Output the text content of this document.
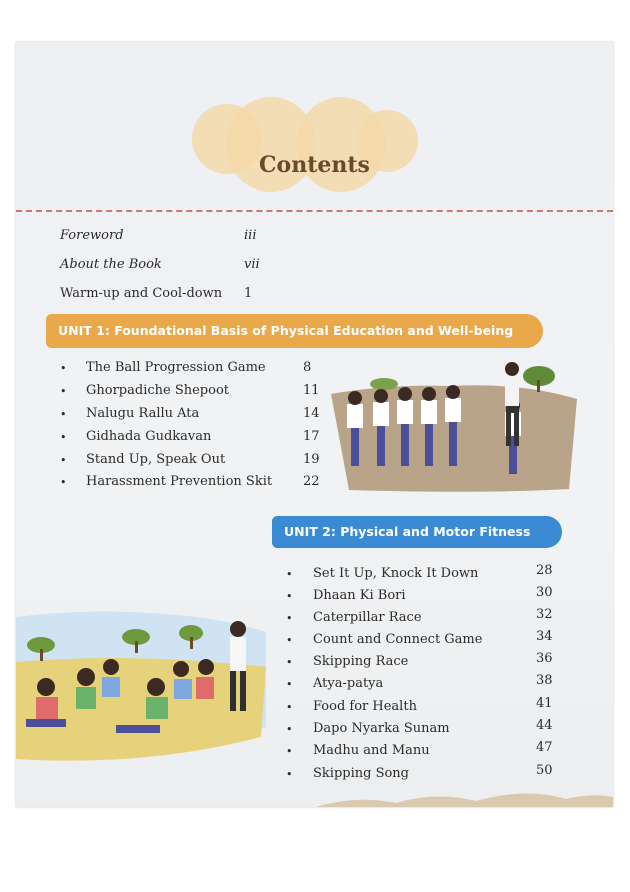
Contents
Foreword	iii
About the Book	vii
Warm-up and Cool-down 1
UNIT 1: Foundational Basis of Physical Education and Well-being
• The Ball Progression Game	8
• Ghorpadiche Shepoot	11
• Nalugu Rallu Ata	14
• Gidhada Gudkavan	17
• Stand Up, Speak Out	19
• Harassment Prevention Skit 22
UNIT 2: Physical and Motor Fitness
• Set It Up, Knock It Down	28
• Dhaan Ki Bori	30
• Caterpillar Race	32
• Count and Connect Game	34
• Skipping Race	36
• Atya-patya	38
• Food for Health	41
• Dapo Nyarka Sunam	44
• Madhu and Manu	47
• Skipping Song	50
